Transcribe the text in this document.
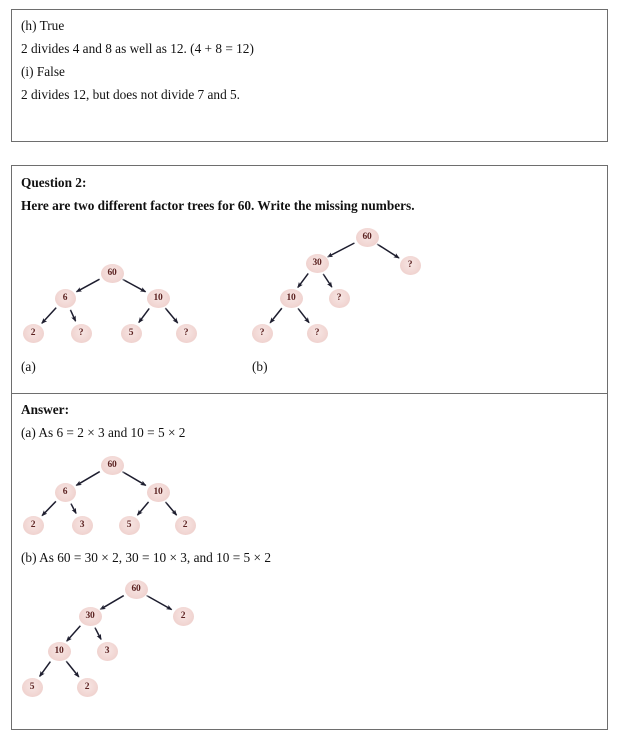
(h) True
2 divides 4 and 8 as well as 12. (4 + 8 = 12)
(i) False
2 divides 12, but does not divide 7 and 5.
Question 2:
Here are two different factor trees for 60. Write the missing numbers.
60
6	10
2	?	5	?
60
30	?
10	?
?	?
(a)	(b)
Answer:
(a) As 6 = 2 × 3 and 10 = 5 × 2
60
6	10
2	3	5	2
(b) As 60 = 30 × 2, 30 = 10 × 3, and 10 = 5 × 2
60
30	2
10	3
5	2
